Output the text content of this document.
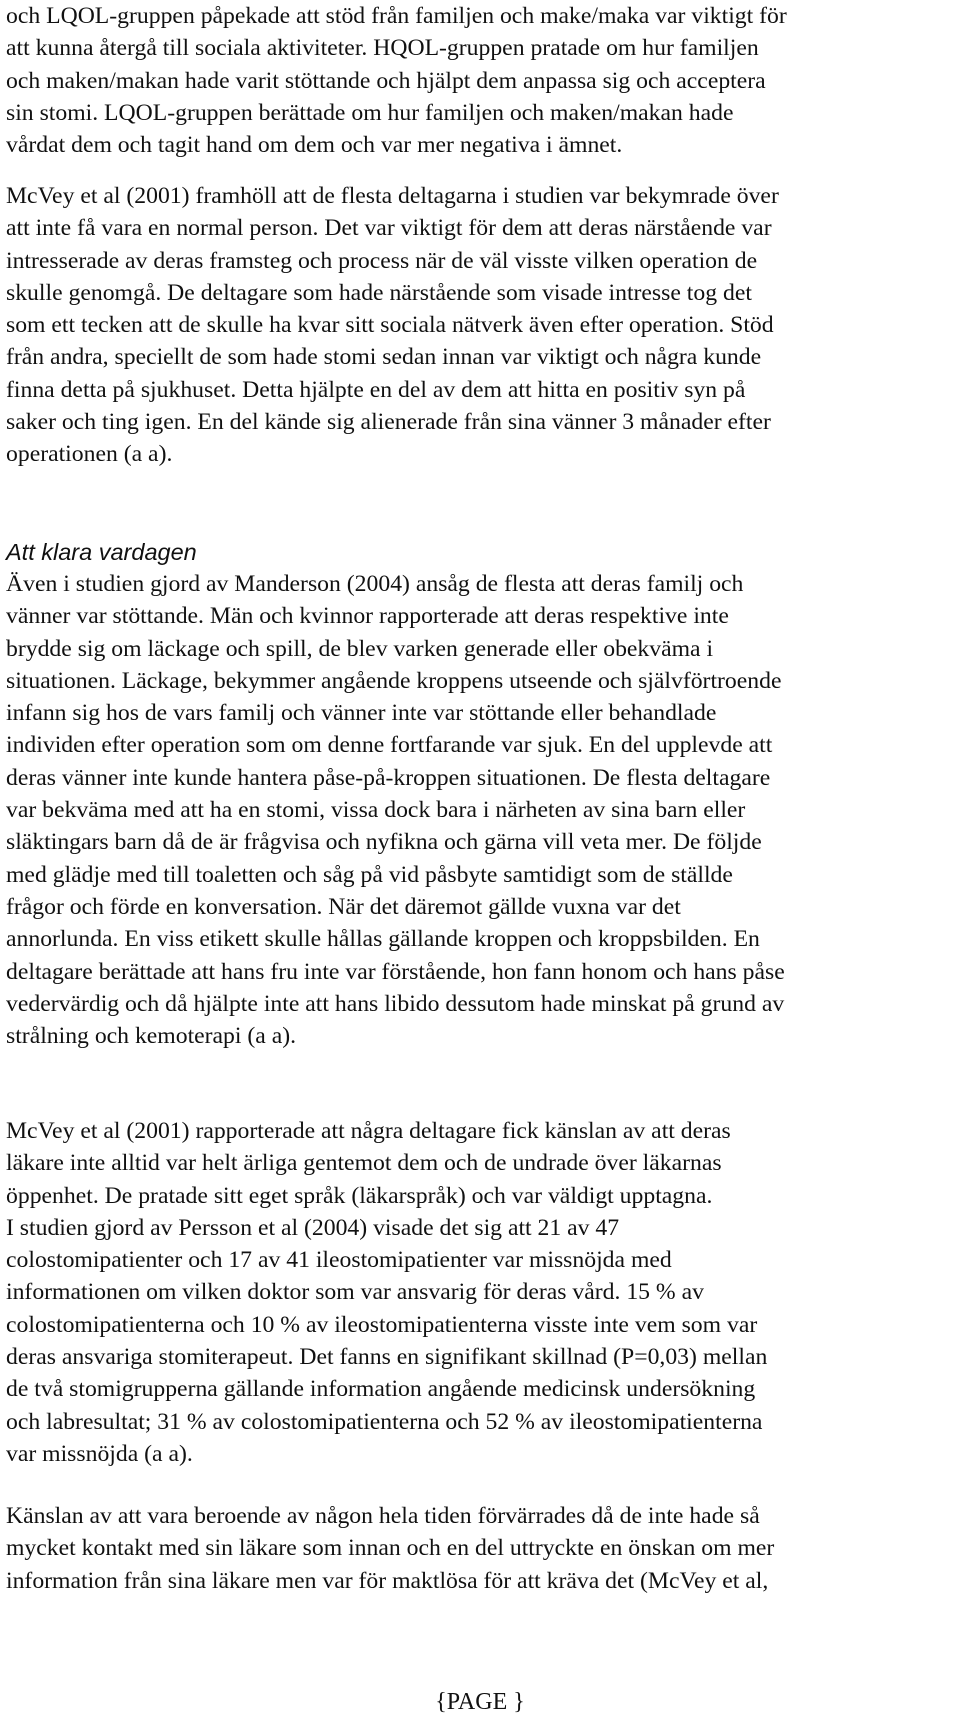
och LQOL-gruppen påpekade att stöd från familjen och make/maka var viktigt för
att kunna återgå till sociala aktiviteter. HQOL-gruppen pratade om hur familjen
och maken/makan hade varit stöttande och hjälpt dem anpassa sig och acceptera
sin stomi. LQOL-gruppen berättade om hur familjen och maken/makan hade
vårdat dem och tagit hand om dem och var mer negativa i ämnet.

McVey et al (2001) framhöll att de flesta deltagarna i studien var bekymrade över
att inte få vara en normal person. Det var viktigt för dem att deras närstående var
intresserade av deras framsteg och process när de väl visste vilken operation de
skulle genomgå. De deltagare som hade närstående som visade intresse tog det
som ett tecken att de skulle ha kvar sitt sociala nätverk även efter operation. Stöd
från andra, speciellt de som hade stomi sedan innan var viktigt och några kunde
finna detta på sjukhuset. Detta hjälpte en del av dem att hitta en positiv syn på
saker och ting igen. En del kände sig alienerade från sina vänner 3 månader efter
operationen (a a).

Att klara vardagen

Även i studien gjord av Manderson (2004) ansåg de flesta att deras familj och
vänner var stöttande. Män och kvinnor rapporterade att deras respektive inte
brydde sig om läckage och spill, de blev varken generade eller obekväma i
situationen. Läckage, bekymmer angående kroppens utseende och självförtroende
infann sig hos de vars familj och vänner inte var stöttande eller behandlade
individen efter operation som om denne fortfarande var sjuk. En del upplevde att
deras vänner inte kunde hantera påse-på-kroppen situationen. De flesta deltagare
var bekväma med att ha en stomi, vissa dock bara i närheten av sina barn eller
släktingars barn då de är frågvisa och nyfikna och gärna vill veta mer. De följde
med glädje med till toaletten och såg på vid påsbyte samtidigt som de ställde
frågor och förde en konversation. När det däremot gällde vuxna var det
annorlunda. En viss etikett skulle hållas gällande kroppen och kroppsbilden. En
deltagare berättade att hans fru inte var förstående, hon fann honom och hans påse
vedervärdig och då hjälpte inte att hans libido dessutom hade minskat på grund av
strålning och kemoterapi (a a).

McVey et al (2001) rapporterade att några deltagare fick känslan av att deras
läkare inte alltid var helt ärliga gentemot dem och de undrade över läkarnas
öppenhet. De pratade sitt eget språk (läkarspråk) och var väldigt upptagna.
I studien gjord av Persson et al (2004) visade det sig att 21 av 47
colostomipatienter och 17 av 41 ileostomipatienter var missnöjda med
informationen om vilken doktor som var ansvarig för deras vård. 15 % av
colostomipatienterna och 10 % av ileostomipatienterna visste inte vem som var
deras ansvariga stomiterapeut. Det fanns en signifikant skillnad (P=0,03) mellan
de två stomigrupperna gällande information angående medicinsk undersökning
och labresultat; 31 % av colostomipatienterna och 52 % av ileostomipatienterna
var missnöjda (a a).

Känslan av att vara beroende av någon hela tiden förvärrades då de inte hade så
mycket kontakt med sin läkare som innan och en del uttryckte en önskan om mer
information från sina läkare men var för maktlösa för att kräva det (McVey et al,

{PAGE }
